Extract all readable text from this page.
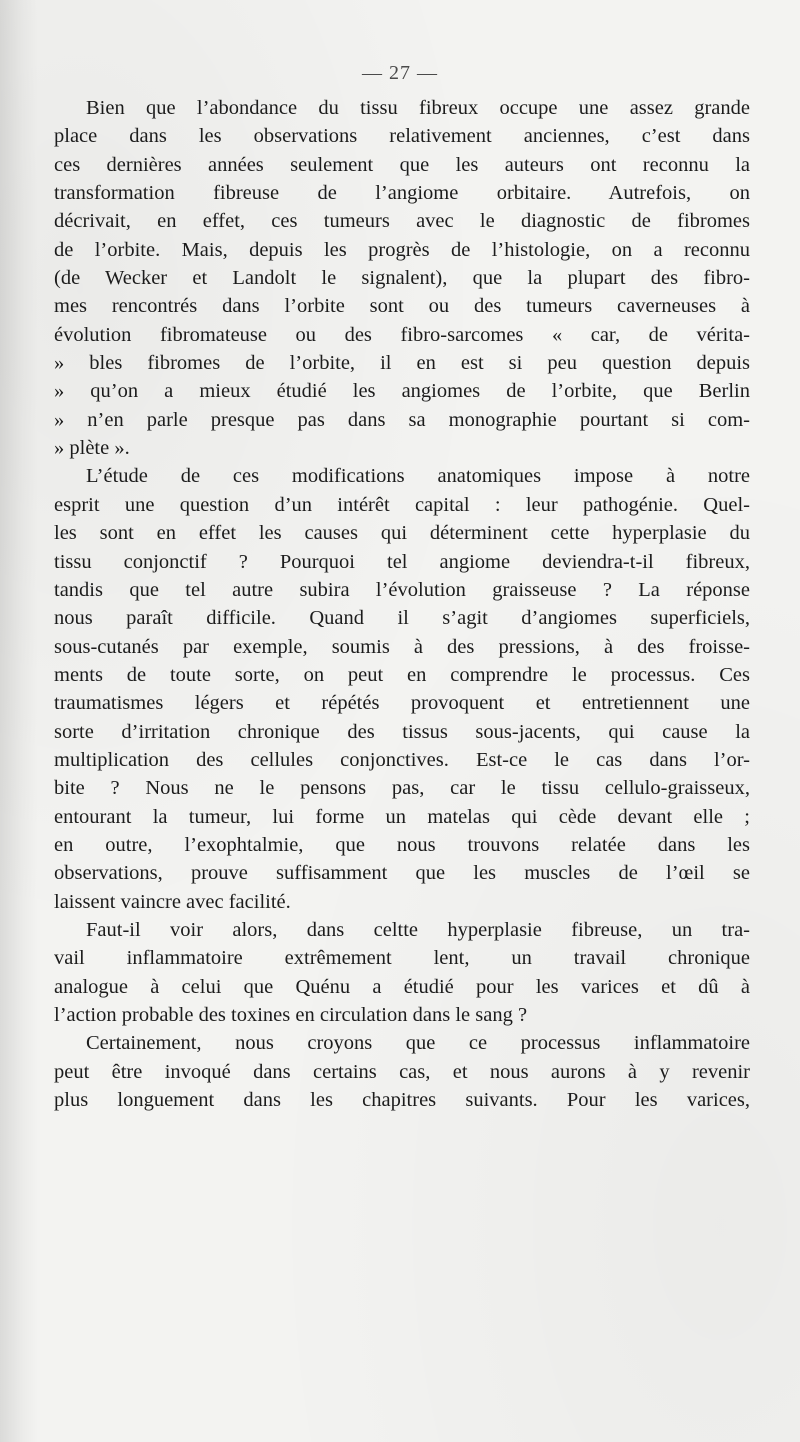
— 27 —
Bien que l’abondance du tissu fibreux occupe une assez grande
place dans les observations relativement anciennes, c’est dans
ces dernières années seulement que les auteurs ont reconnu la
transformation fibreuse de l’angiome orbitaire. Autrefois, on
décrivait, en effet, ces tumeurs avec le diagnostic de fibromes
de l’orbite. Mais, depuis les progrès de l’histologie, on a reconnu
(de Wecker et Landolt le signalent), que la plupart des fibro-
mes rencontrés dans l’orbite sont ou des tumeurs caverneuses à
évolution fibromateuse ou des fibro-sarcomes « car, de vérita-
» bles fibromes de l’orbite, il en est si peu question depuis
» qu’on a mieux étudié les angiomes de l’orbite, que Berlin
» n’en parle presque pas dans sa monographie pourtant si com-
» plète ».
L’étude de ces modifications anatomiques impose à notre
esprit une question d’un intérêt capital : leur pathogénie. Quel-
les sont en effet les causes qui déterminent cette hyperplasie du
tissu conjonctif ? Pourquoi tel angiome deviendra-t-il fibreux,
tandis que tel autre subira l’évolution graisseuse ? La réponse
nous paraît difficile. Quand il s’agit d’angiomes superficiels,
sous-cutanés par exemple, soumis à des pressions, à des froisse-
ments de toute sorte, on peut en comprendre le processus. Ces
traumatismes légers et répétés provoquent et entretiennent une
sorte d’irritation chronique des tissus sous-jacents, qui cause la
multiplication des cellules conjonctives. Est-ce le cas dans l’or-
bite ? Nous ne le pensons pas, car le tissu cellulo-graisseux,
entourant la tumeur, lui forme un matelas qui cède devant elle ;
en outre, l’exophtalmie, que nous trouvons relatée dans les
observations, prouve suffisamment que les muscles de l’œil se
laissent vaincre avec facilité.
Faut-il voir alors, dans celtte hyperplasie fibreuse, un tra-
vail inflammatoire extrêmement lent, un travail chronique
analogue à celui que Quénu a étudié pour les varices et dû à
l’action probable des toxines en circulation dans le sang ?
Certainement, nous croyons que ce processus inflammatoire
peut être invoqué dans certains cas, et nous aurons à y revenir
plus longuement dans les chapitres suivants. Pour les varices,
